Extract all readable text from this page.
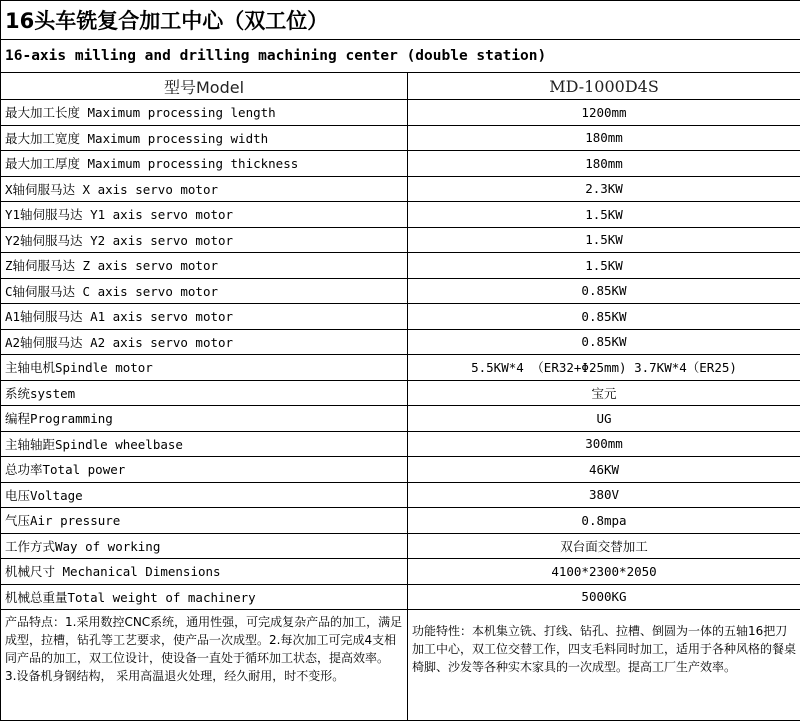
16头车铣复合加工中心（双工位）	
16-axis milling and drilling machining center (double station)	
型号Model	MD-1000D4S
最大加工长度 Maximum processing length	1200mm
最大加工宽度 Maximum processing width	180mm
最大加工厚度 Maximum processing thickness	180mm
X轴伺服马达 X axis servo motor	2.3KW
Y1轴伺服马达 Y1 axis servo motor	1.5KW
Y2轴伺服马达 Y2 axis servo motor	1.5KW
Z轴伺服马达 Z axis servo motor	1.5KW
C轴伺服马达 C axis servo motor	0.85KW
A1轴伺服马达 A1 axis servo motor	0.85KW
A2轴伺服马达 A2 axis servo motor	0.85KW
主轴电机Spindle motor	5.5KW*4 （ER32+Φ25mm) 3.7KW*4（ER25)
系统system	宝元
编程Programming	UG
主轴轴距Spindle wheelbase	300mm
总功率Total power	46KW
电压Voltage	380V
气压Air pressure	0.8mpa
工作方式Way of working	双台面交替加工
机械尺寸 Mechanical Dimensions	4100*2300*2050
机械总重量Total weight of machinery	5000KG
产品特点：1.采用数控CNC系统，通用性强，可完成复杂产品的加工，满足成型，拉槽，钻孔等工艺要求，使产品一次成型。2.每次加工可完成4支相同产品的加工，双工位设计，使设备一直处于循环加工状态，提高效率。 3.设备机身钢结构， 采用高温退火处理，经久耐用，时不变形。	功能特性：本机集立铣、打线、钻孔、拉槽、倒圆为一体的五轴16把刀加工中心，双工位交替工作，四支毛料同时加工，适用于各种风格的餐桌椅脚、沙发等各种实木家具的一次成型。提高工厂生产效率。
